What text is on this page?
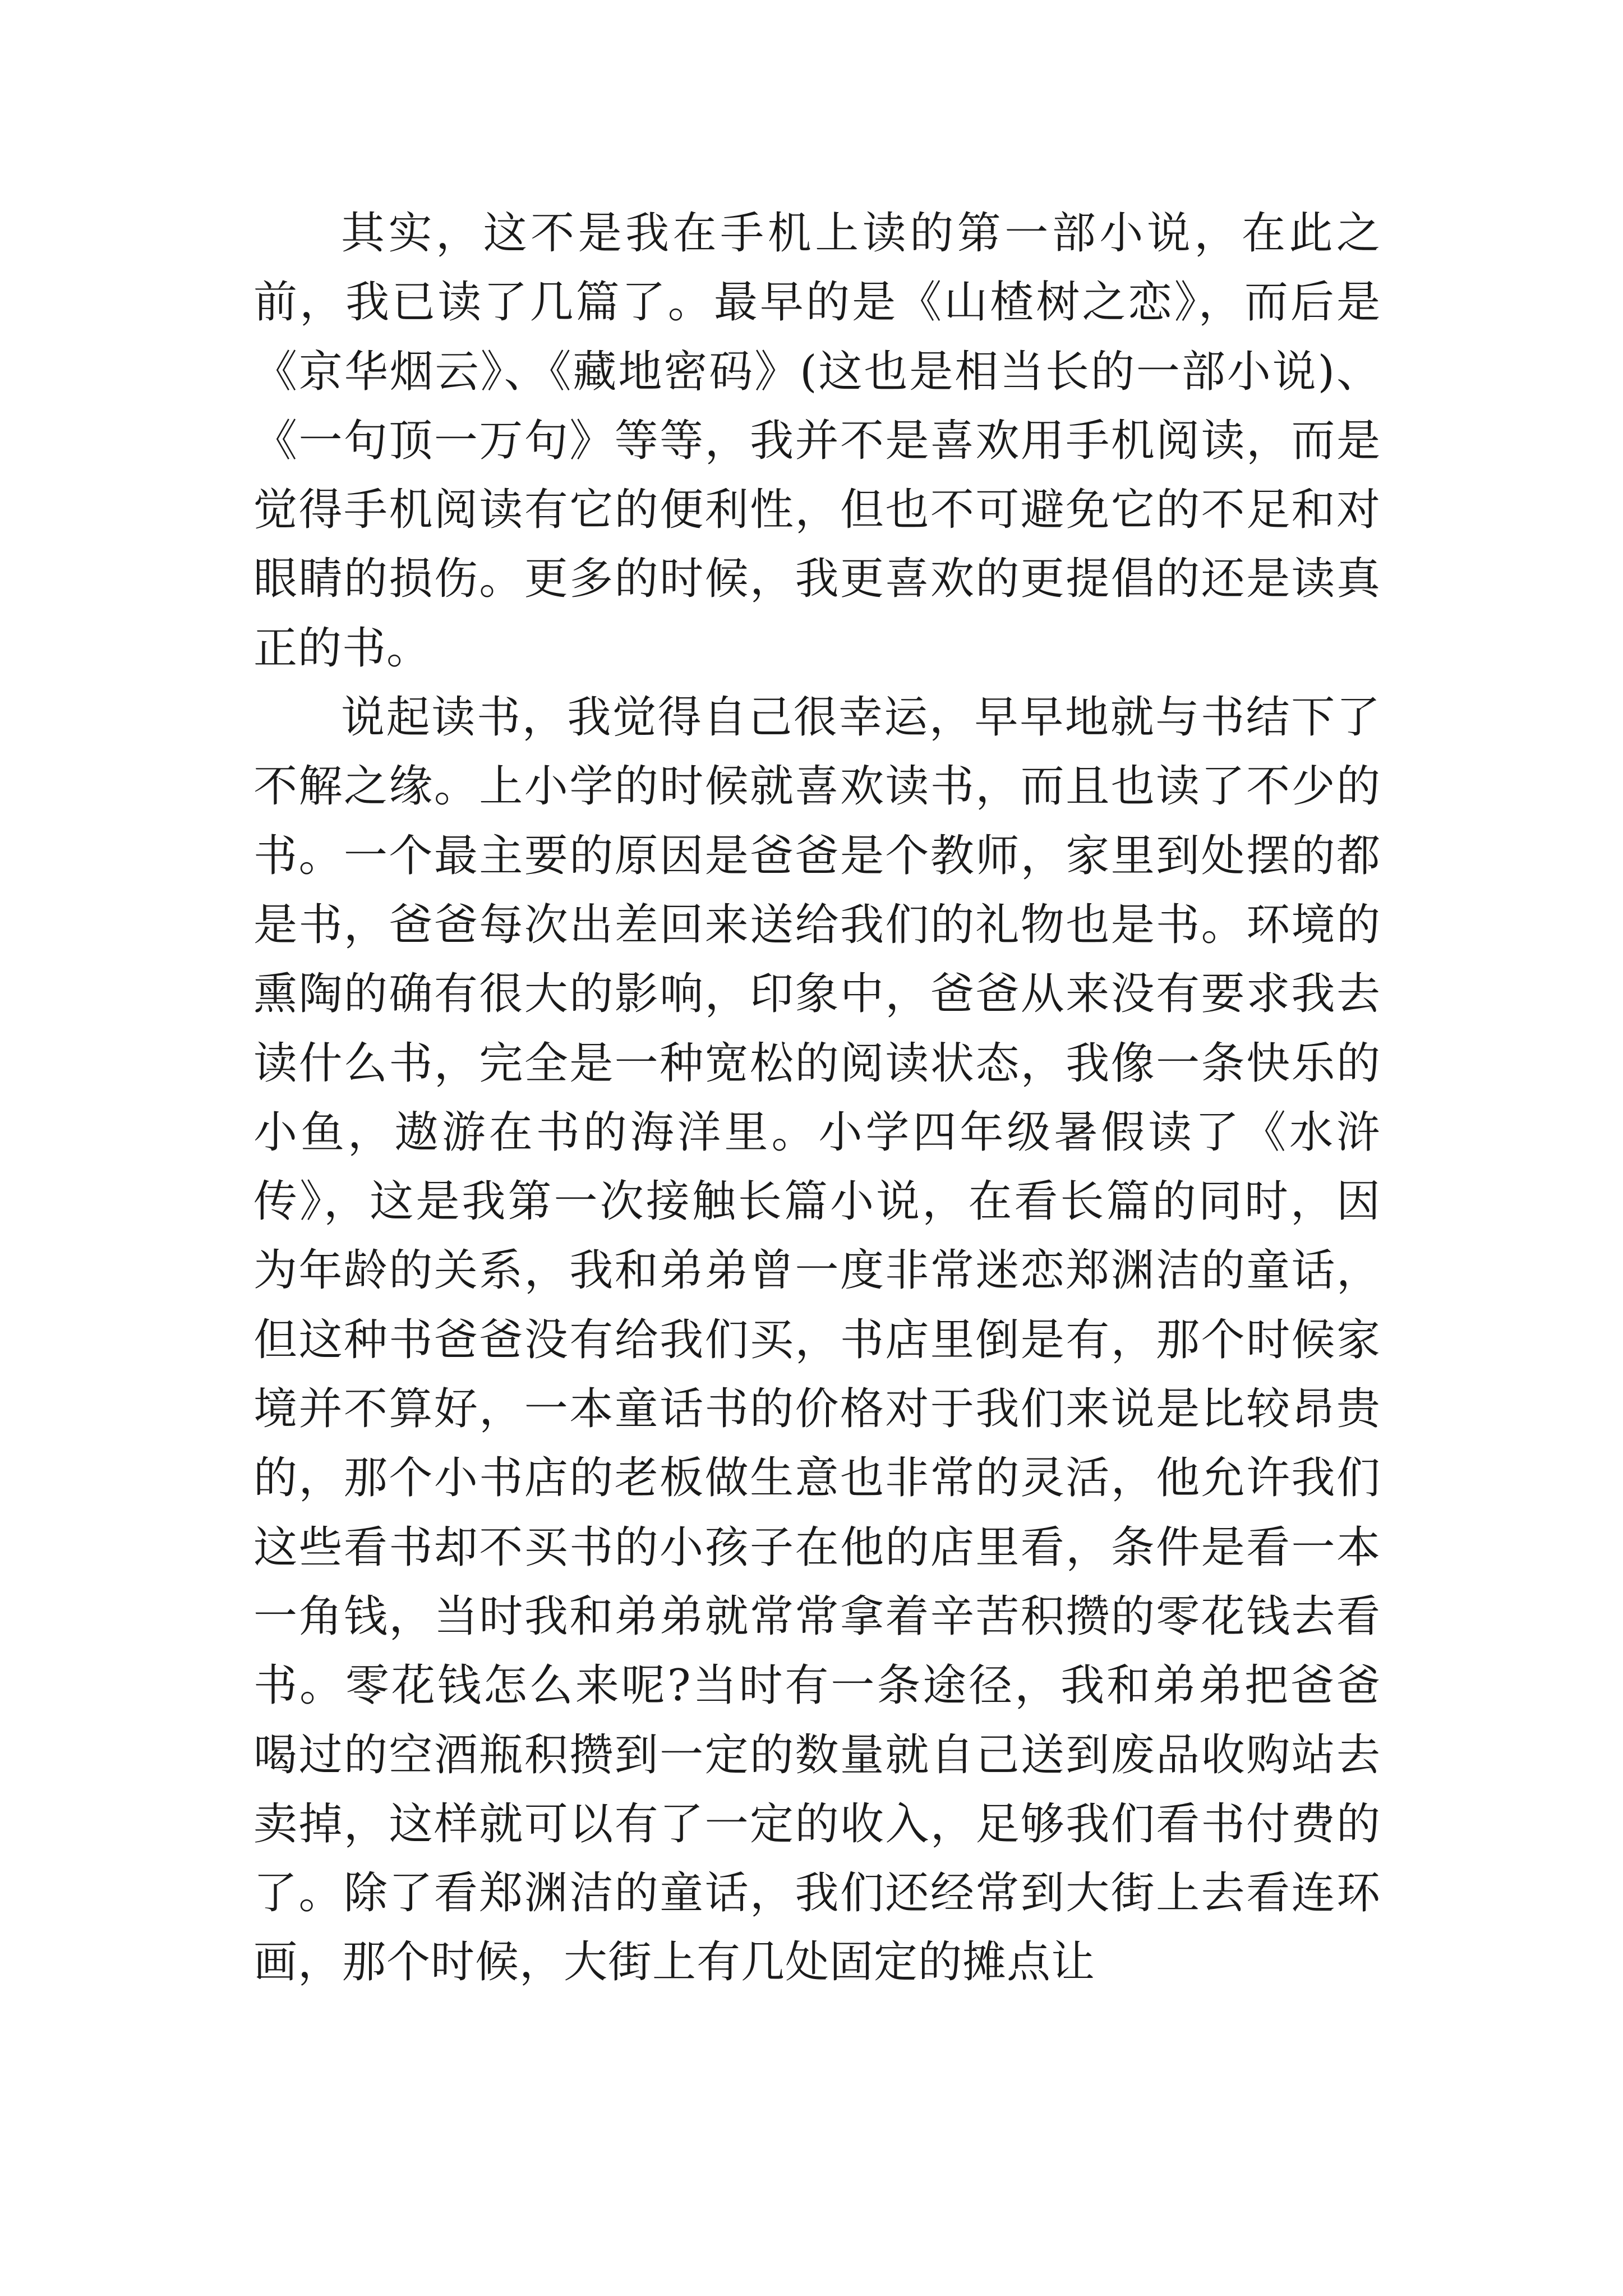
其实，这不是我在手机上读的第一部小说，在此之前，我已读了几篇了。最早的是《山楂树之恋》，而后是《京华烟云》、《藏地密码》(这也是相当长的一部小说)、《一句顶一万句》等等，我并不是喜欢用手机阅读，而是觉得手机阅读有它的便利性，但也不可避免它的不足和对眼睛的损伤。更多的时候，我更喜欢的更提倡的还是读真正的书。

说起读书，我觉得自己很幸运，早早地就与书结下了不解之缘。上小学的时候就喜欢读书，而且也读了不少的书。一个最主要的原因是爸爸是个教师，家里到处摆的都是书，爸爸每次出差回来送给我们的礼物也是书。环境的熏陶的确有很大的影响，印象中，爸爸从来没有要求我去读什么书，完全是一种宽松的阅读状态，我像一条快乐的小鱼，遨游在书的海洋里。小学四年级暑假读了《水浒传》，这是我第一次接触长篇小说，在看长篇的同时，因为年龄的关系，我和弟弟曾一度非常迷恋郑渊洁的童话，但这种书爸爸没有给我们买，书店里倒是有，那个时候家境并不算好，一本童话书的价格对于我们来说是比较昂贵的，那个小书店的老板做生意也非常的灵活，他允许我们这些看书却不买书的小孩子在他的店里看，条件是看一本一角钱，当时我和弟弟就常常拿着辛苦积攒的零花钱去看书。零花钱怎么来呢?当时有一条途径，我和弟弟把爸爸喝过的空酒瓶积攒到一定的数量就自己送到废品收购站去卖掉，这样就可以有了一定的收入，足够我们看书付费的了。除了看郑渊洁的童话，我们还经常到大街上去看连环画，那个时候，大街上有几处固定的摊点让
